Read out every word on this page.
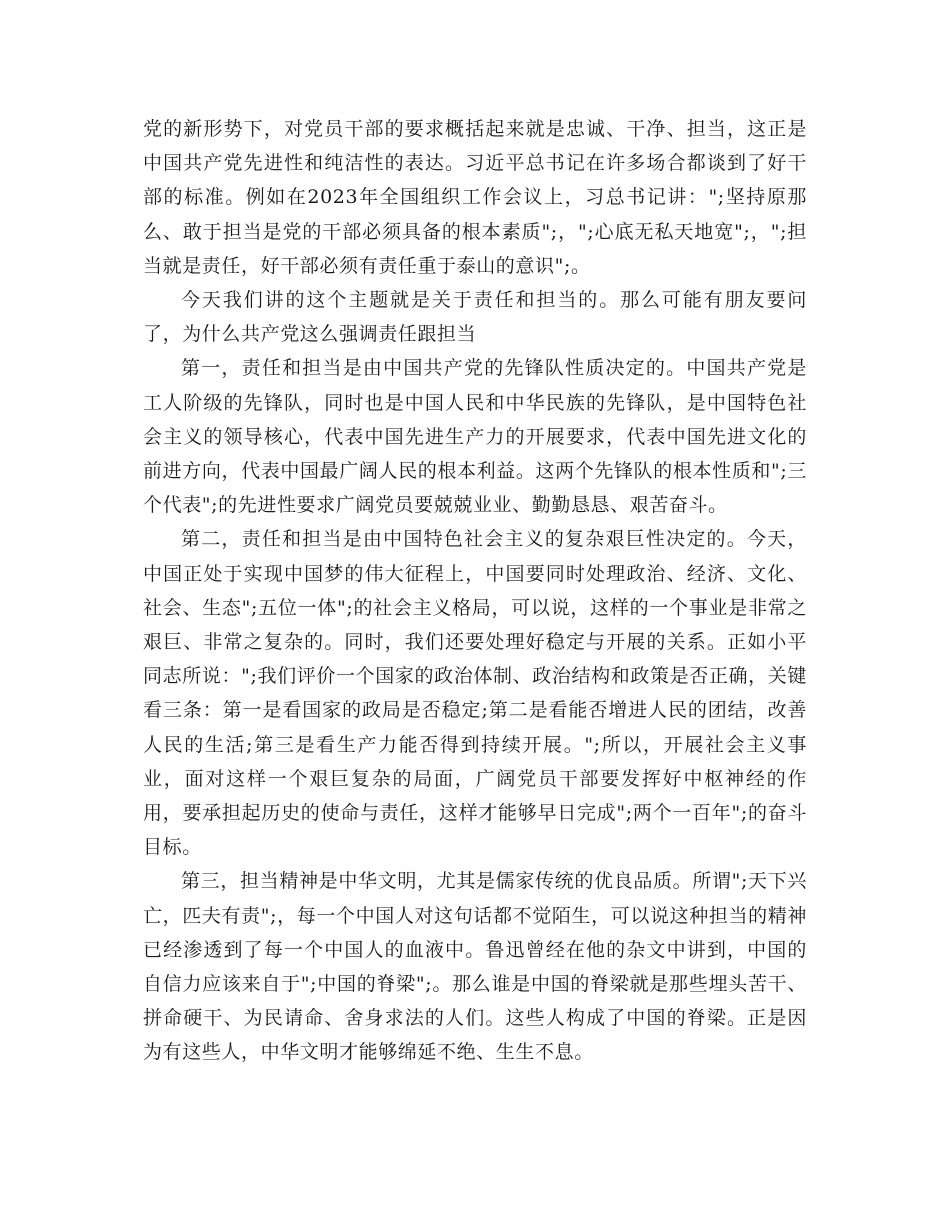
党的新形势下，对党员干部的要求概括起来就是忠诚、干净、担当，这正是中国共产党先进性和纯洁性的表达。习近平总书记在许多场合都谈到了好干部的标准。例如在2023年全国组织工作会议上，习总书记讲：";坚持原那么、敢于担当是党的干部必须具备的根本素质";，";心底无私天地宽";，";担当就是责任，好干部必须有责任重于泰山的意识";。

今天我们讲的这个主题就是关于责任和担当的。那么可能有朋友要问了，为什么共产党这么强调责任跟担当

第一，责任和担当是由中国共产党的先锋队性质决定的。中国共产党是工人阶级的先锋队，同时也是中国人民和中华民族的先锋队，是中国特色社会主义的领导核心，代表中国先进生产力的开展要求，代表中国先进文化的前进方向，代表中国最广阔人民的根本利益。这两个先锋队的根本性质和";三个代表";的先进性要求广阔党员要兢兢业业、勤勤恳恳、艰苦奋斗。

第二，责任和担当是由中国特色社会主义的复杂艰巨性决定的。今天，中国正处于实现中国梦的伟大征程上，中国要同时处理政治、经济、文化、社会、生态";五位一体";的社会主义格局，可以说，这样的一个事业是非常之艰巨、非常之复杂的。同时，我们还要处理好稳定与开展的关系。正如小平同志所说：";我们评价一个国家的政治体制、政治结构和政策是否正确，关键看三条：第一是看国家的政局是否稳定;第二是看能否增进人民的团结，改善人民的生活;第三是看生产力能否得到持续开展。";所以，开展社会主义事业，面对这样一个艰巨复杂的局面，广阔党员干部要发挥好中枢神经的作用，要承担起历史的使命与责任，这样才能够早日完成";两个一百年";的奋斗目标。

第三，担当精神是中华文明，尤其是儒家传统的优良品质。所谓";天下兴亡，匹夫有责";，每一个中国人对这句话都不觉陌生，可以说这种担当的精神已经渗透到了每一个中国人的血液中。鲁迅曾经在他的杂文中讲到，中国的自信力应该来自于";中国的脊梁";。那么谁是中国的脊梁就是那些埋头苦干、拼命硬干、为民请命、舍身求法的人们。这些人构成了中国的脊梁。正是因为有这些人，中华文明才能够绵延不绝、生生不息。
